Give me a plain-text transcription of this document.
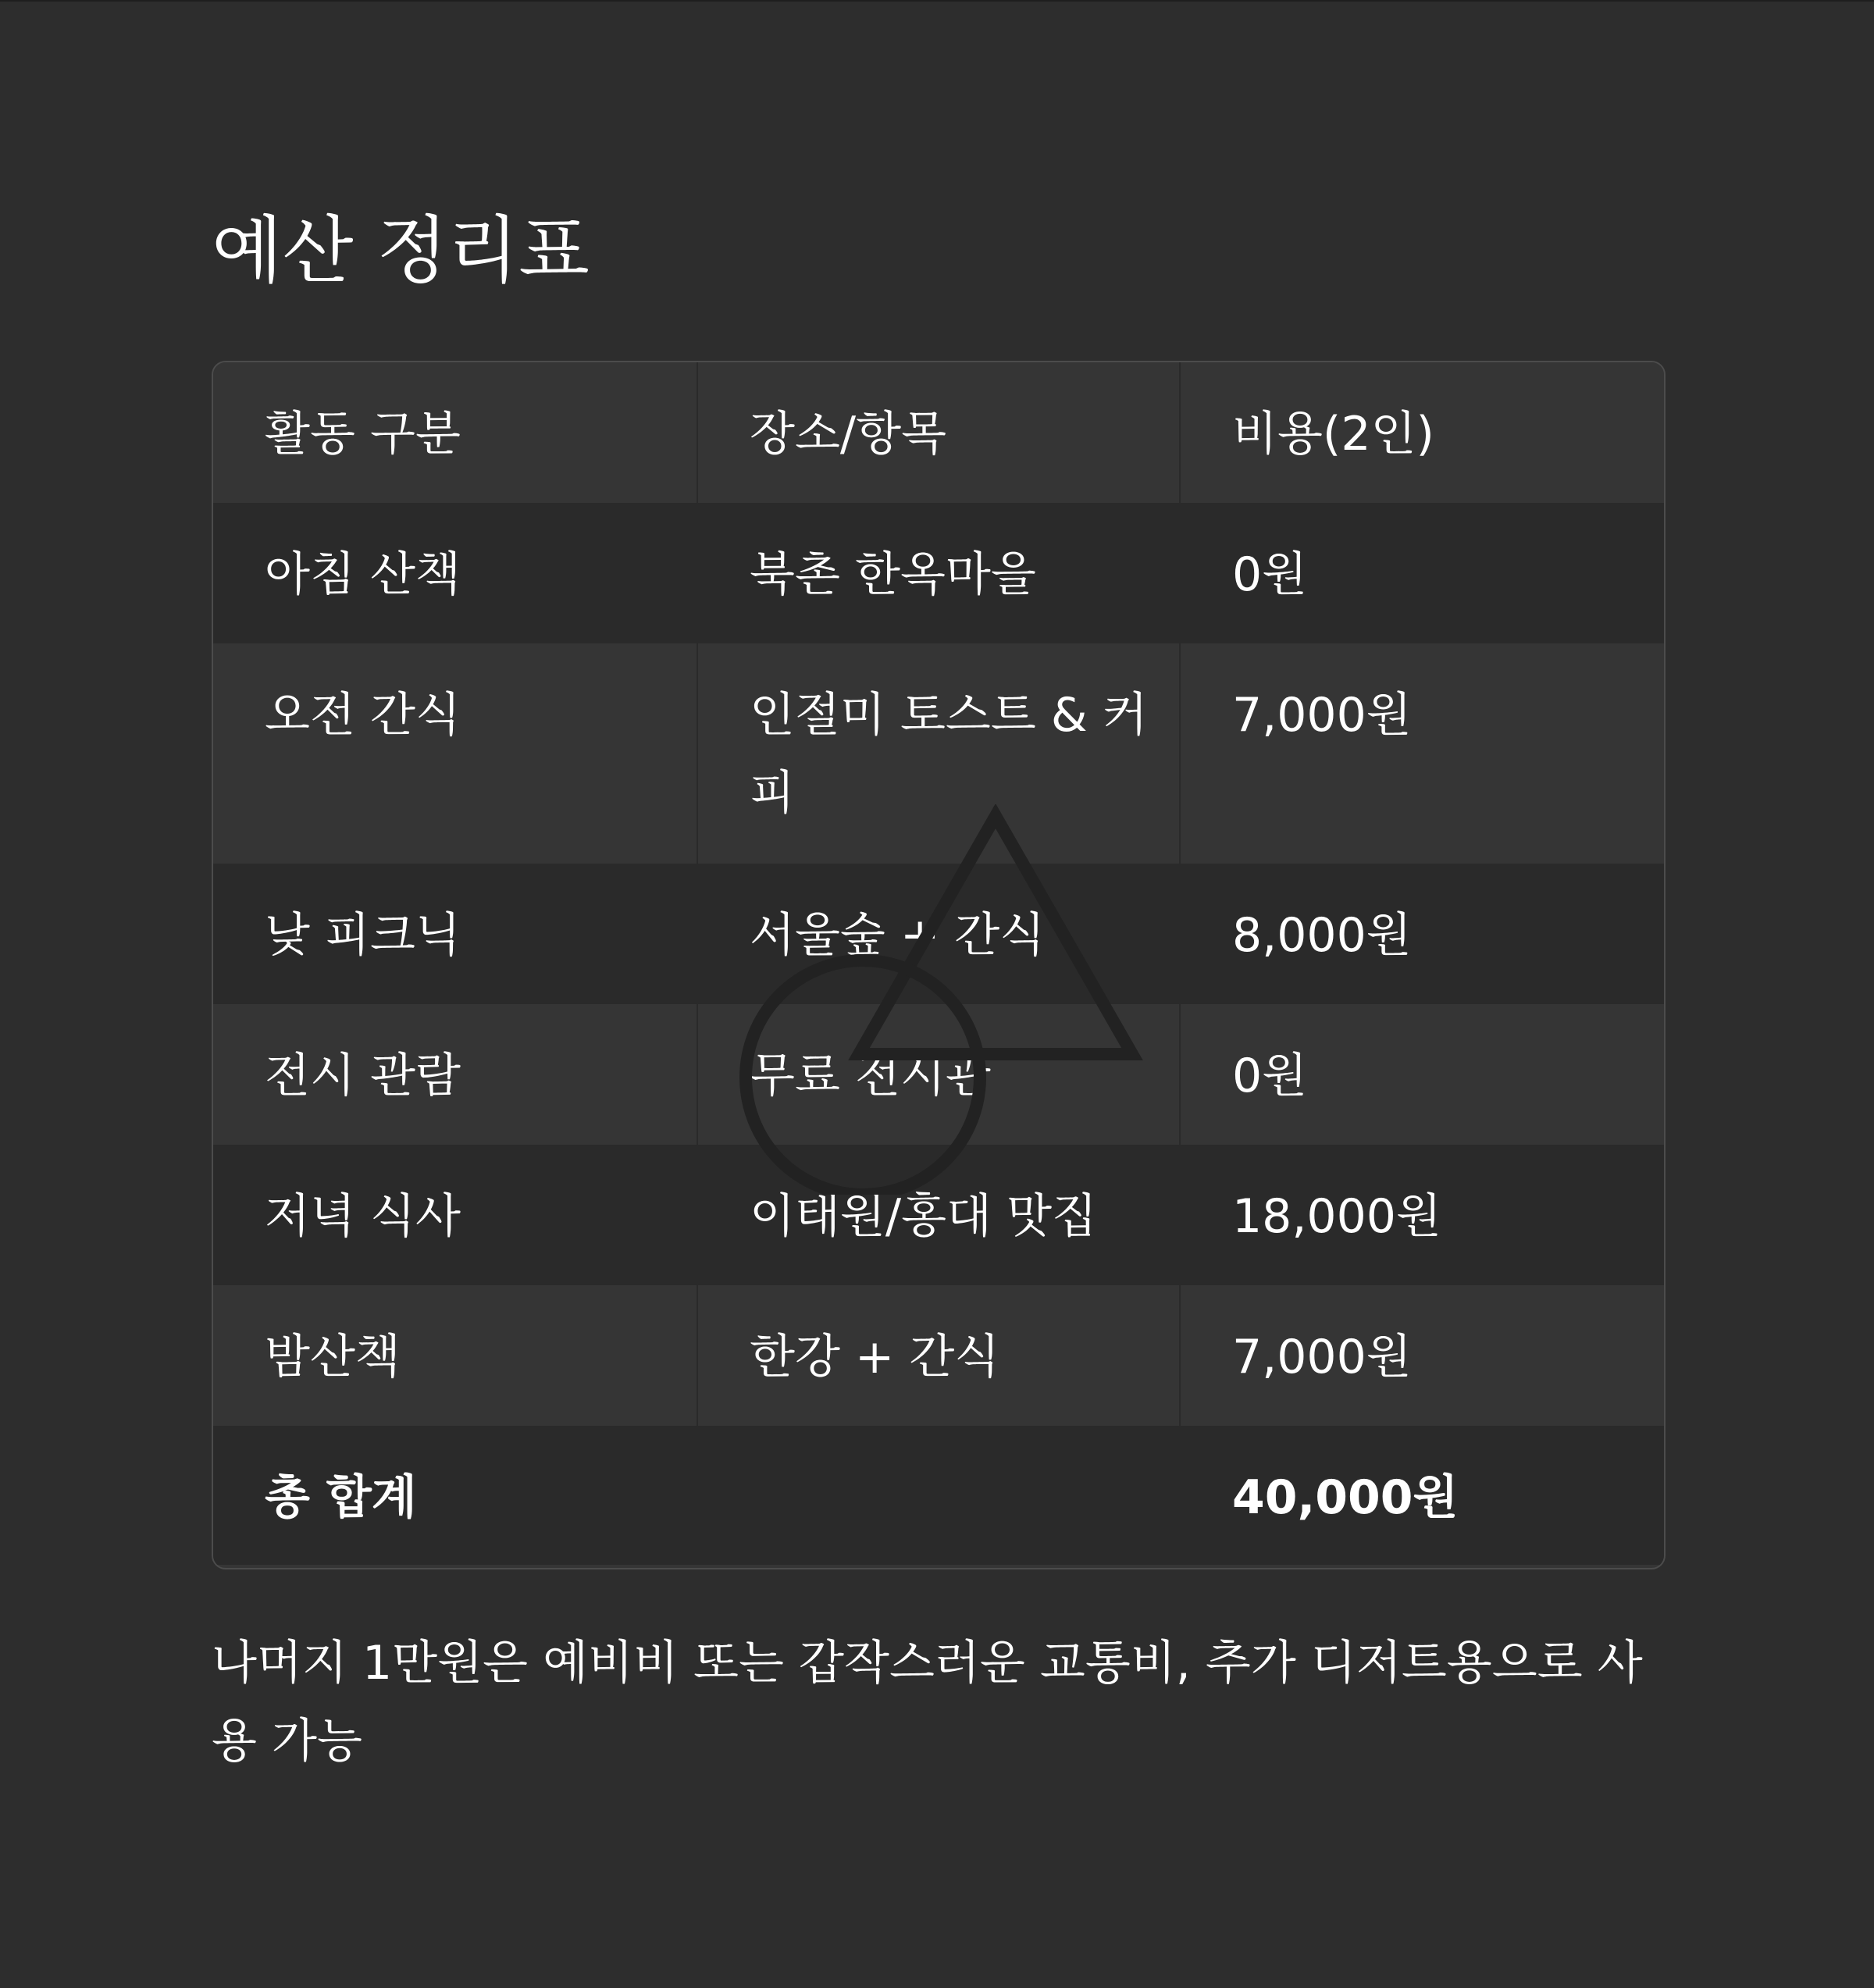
예산 정리표
활동 구분	장소/항목	비용(2인)
아침 산책	북촌 한옥마을	0원
오전 간식	인절미 토스트 & 커피	7,000원
낮 피크닉	서울숲 + 간식	8,000원
전시 관람	무료 전시관	0원
저녁 식사	이태원/홍대 맛집	18,000원
밤산책	한강 + 간식	7,000원
총 합계		40,000원

나머지 1만원은 예비비 또는 갑작스러운 교통비, 추가 디저트용으로 사용 가능
